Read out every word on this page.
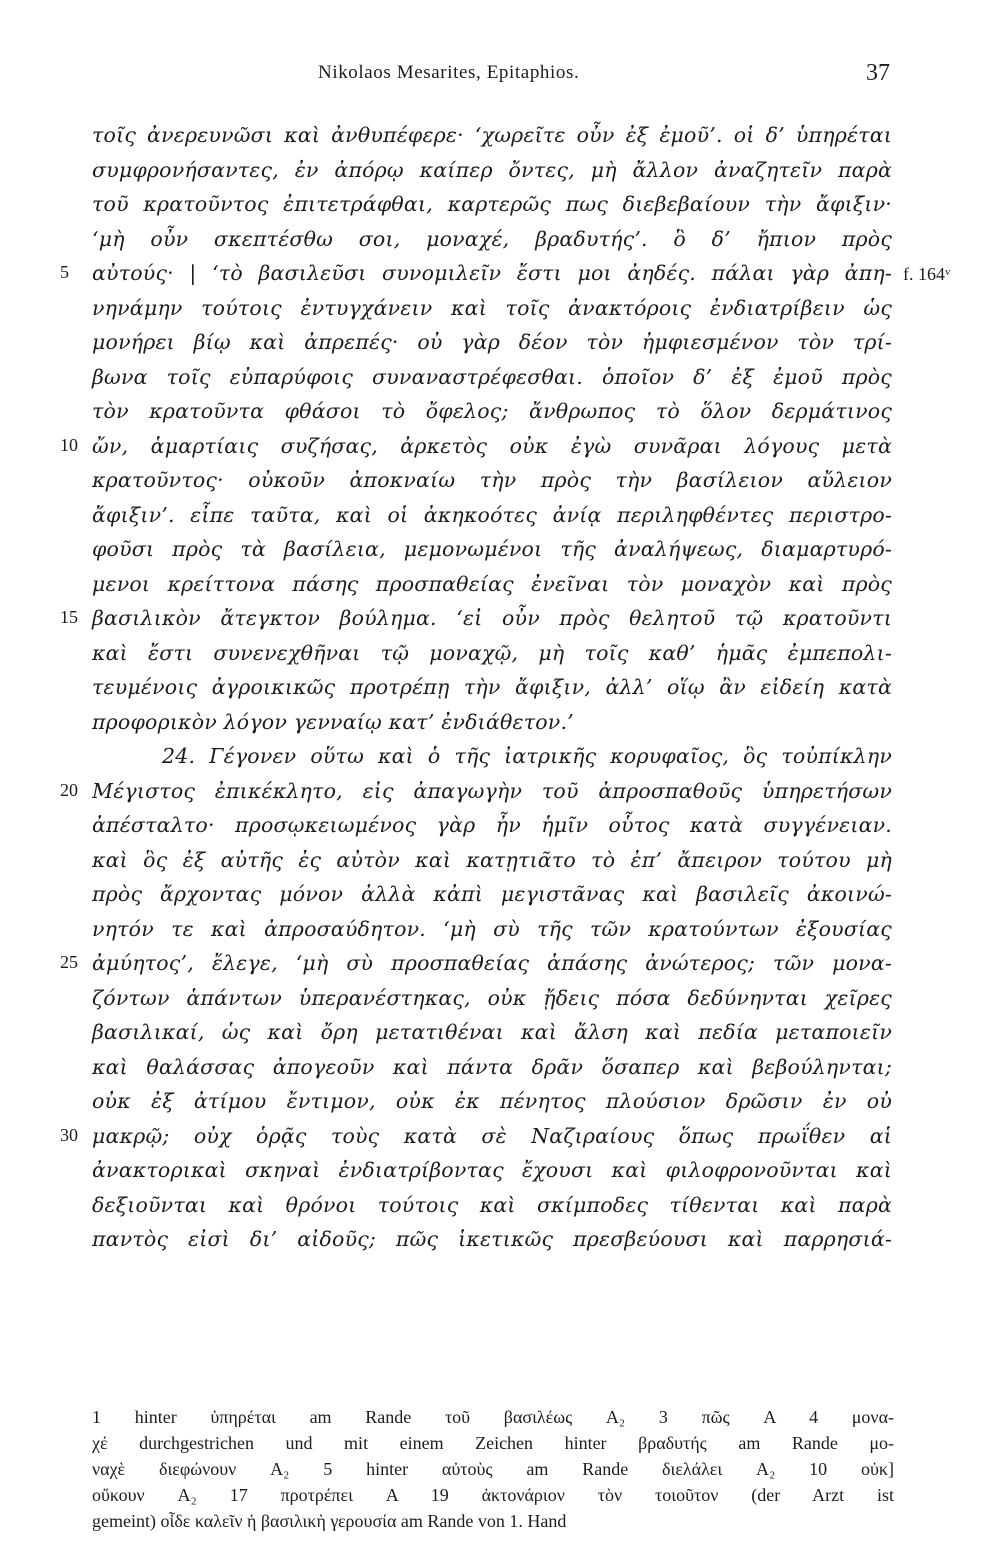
Nikolaos Mesarites, Epitaphios.	37
τοῖς ἀνερευνῶσι καὶ ἀνθυπέφερε· ‘χωρεῖτε οὖν ἐξ ἐμοῦ’. οἱ δ’ ὑπηρέται
συμφρονήσαντες, ἐν ἀπόρῳ καίπερ ὄντες, μὴ ἄλλον ἀναζητεῖν παρὰ
τοῦ κρατοῦντος ἐπιτετράφθαι, καρτερῶς πως διεβεβαίουν τὴν ἄφιξιν·
‘μὴ οὖν σκεπτέσθω σοι, μοναχέ, βραδυτής’. ὃ δ’ ἤπιον πρὸς
5	αὐτούς· | ‘τὸ βασιλεῦσι συνομιλεῖν ἔστι μοι ἀηδές. πάλαι γὰρ ἀπη- f. 164ᵛ
νηνάμην τούτοις ἐντυγχάνειν καὶ τοῖς ἀνακτόροις ἐνδιατρίβειν ὡς
μονήρει βίῳ καὶ ἀπρεπές· οὐ γὰρ δέον τὸν ἠμφιεσμένον τὸν τρί-
βωνα τοῖς εὐπαρύφοις συναναστρέφεσθαι. ὁποῖον δ’ ἐξ ἐμοῦ πρὸς
τὸν κρατοῦντα φθάσοι τὸ ὄφελος; ἄνθρωπος τὸ ὅλον δερμάτινος
10 ὤν, ἁμαρτίαις συζήσας, ἀρκετὸς οὐκ ἐγὼ συνᾶραι λόγους μετὰ
κρατοῦντος· οὐκοῦν ἀποκναίω τὴν πρὸς τὴν βασίλειον αὔλειον
ἄφιξιν’. εἶπε ταῦτα, καὶ οἱ ἀκηκοότες ἀνίᾳ περιληφθέντες περιστρο-
φοῦσι πρὸς τὰ βασίλεια, μεμονωμένοι τῆς ἀναλήψεως, διαμαρτυρό-
μενοι κρείττονα πάσης προσπαθείας ἐνεῖναι τὸν μοναχὸν καὶ πρὸς
15 βασιλικὸν ἄτεγκτον βούλημα. ‘εἰ οὖν πρὸς θελητοῦ τῷ κρατοῦντι
καὶ ἔστι συνενεχθῆναι τῷ μοναχῷ, μὴ τοῖς καθ’ ἡμᾶς ἐμπεπολι-
τευμένοις ἀγροικικῶς προτρέπῃ τὴν ἄφιξιν, ἀλλ’ οἵῳ ἂν εἰδείη κατὰ
προφορικὸν λόγον γενναίῳ κατ’ ἐνδιάθετον.’
24. Γέγονεν οὕτω καὶ ὁ τῆς ἰατρικῆς κορυφαῖος, ὃς τοὐπίκλην
20 Μέγιστος ἐπικέκλητο, εἰς ἀπαγωγὴν τοῦ ἀπροσπαθοῦς ὑπηρετήσων
ἀπέσταλτο· προσῳκειωμένος γὰρ ἦν ἡμῖν οὗτος κατὰ συγγένειαν.
καὶ ὃς ἐξ αὐτῆς ἐς αὐτὸν καὶ κατῃτιᾶτο τὸ ἐπ’ ἄπειρον τούτου μὴ
πρὸς ἄρχοντας μόνον ἀλλὰ κἀπὶ μεγιστᾶνας καὶ βασιλεῖς ἀκοινώ-
νητόν τε καὶ ἀπροσαύδητον. ‘μὴ σὺ τῆς τῶν κρατούντων ἐξουσίας
25 ἀμύητος’, ἔλεγε, ‘μὴ σὺ προσπαθείας ἁπάσης ἀνώτερος; τῶν μονα-
ζόντων ἁπάντων ὑπερανέστηκας, οὐκ ᾔδεις πόσα δεδύνηνται χεῖρες
βασιλικαί, ὡς καὶ ὄρη μετατιθέναι καὶ ἄλση καὶ πεδία μεταποιεῖν
καὶ θαλάσσας ἀπογεοῦν καὶ πάντα δρᾶν ὅσαπερ καὶ βεβούληνται;
οὐκ ἐξ ἀτίμου ἔντιμον, οὐκ ἐκ πένητος πλούσιον δρῶσιν ἐν οὐ
30 μακρῷ; οὐχ ὁρᾷς τοὺς κατὰ σὲ Ναζιραίους ὅπως πρωΐθεν αἱ
ἀνακτορικαὶ σκηναὶ ἐνδιατρίβοντας ἔχουσι καὶ φιλοφρονοῦνται καὶ
δεξιοῦνται καὶ θρόνοι τούτοις καὶ σκίμποδες τίθενται καὶ παρὰ
παντὸς εἰσὶ δι’ αἰδοῦς; πῶς ἱκετικῶς πρεσβεύουσι καὶ παρρησιά-
1 hinter ὑπηρέται am Rande τοῦ βασιλέως A₂ 3 πῶς A 4 μονα-
χέ durchgestrichen und mit einem Zeichen hinter βραδυτής am Rande μο-
ναχὲ διεφώνουν A₂ 5 hinter αὐτοὺς am Rande διελάλει A₂ 10 οὐκ]
οὔκουν A₂ 17 προτρέπει A 19 ἀκτονάριον τὸν τοιοῦτον (der Arzt ist
gemeint) οἶδε καλεῖν ἡ βασιλικὴ γερουσία am Rande von 1. Hand
